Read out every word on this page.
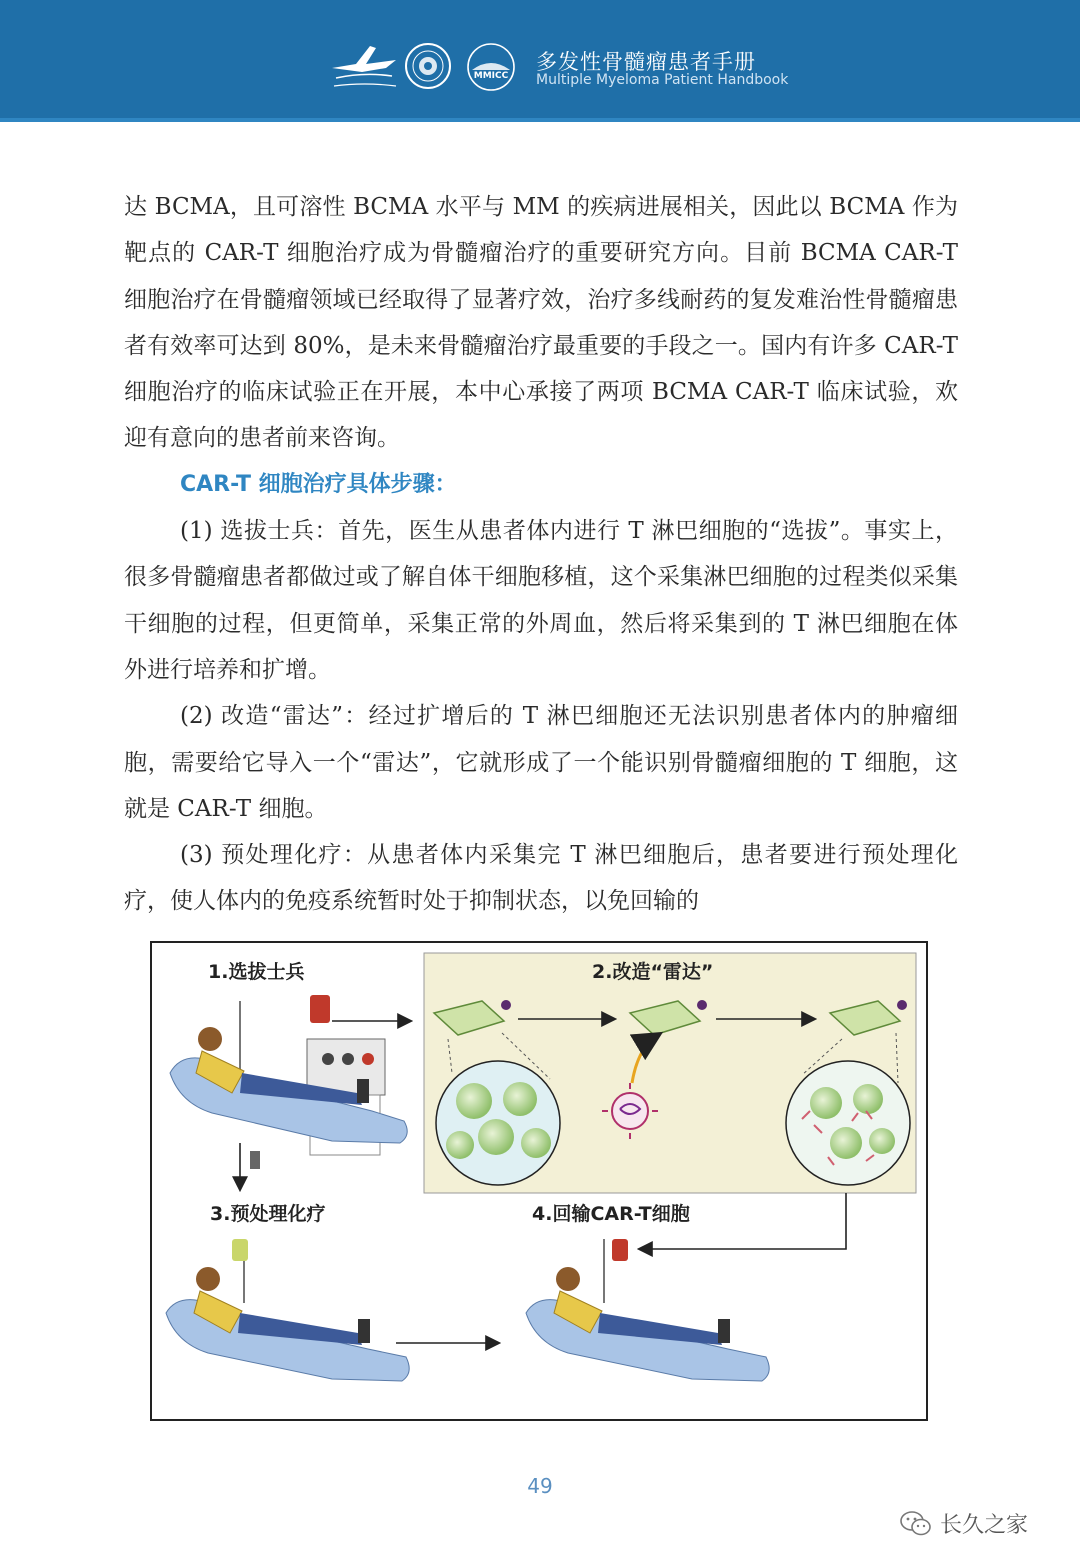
MMICC
多发性骨髓瘤患者手册
Multiple Myeloma Patient Handbook

达 BCMA，且可溶性 BCMA 水平与 MM 的疾病进展相关，因此以 BCMA 作为靶点的 CAR-T 细胞治疗成为骨髓瘤治疗的重要研究方向。目前 BCMA CAR-T 细胞治疗在骨髓瘤领域已经取得了显著疗效，治疗多线耐药的复发难治性骨髓瘤患者有效率可达到 80%，是未来骨髓瘤治疗最重要的手段之一。国内有许多 CAR-T 细胞治疗的临床试验正在开展，本中心承接了两项 BCMA CAR-T 临床试验，欢迎有意向的患者前来咨询。

CAR-T 细胞治疗具体步骤：

(1) 选拔士兵：首先，医生从患者体内进行 T 淋巴细胞的“选拔”。事实上，很多骨髓瘤患者都做过或了解自体干细胞移植，这个采集淋巴细胞的过程类似采集干细胞的过程，但更简单，采集正常的外周血，然后将采集到的 T 淋巴细胞在体外进行培养和扩增。

(2) 改造“雷达”：经过扩增后的 T 淋巴细胞还无法识别患者体内的肿瘤细胞，需要给它导入一个“雷达”，它就形成了一个能识别骨髓瘤细胞的 T 细胞，这就是 CAR-T 细胞。

(3) 预处理化疗：从患者体内采集完 T 淋巴细胞后，患者要进行预处理化疗，使人体内的免疫系统暂时处于抑制状态，以免回输的

1.选拔士兵	2.改造“雷达”
3.预处理化疗	4.回输CAR-T细胞
49
长久之家
